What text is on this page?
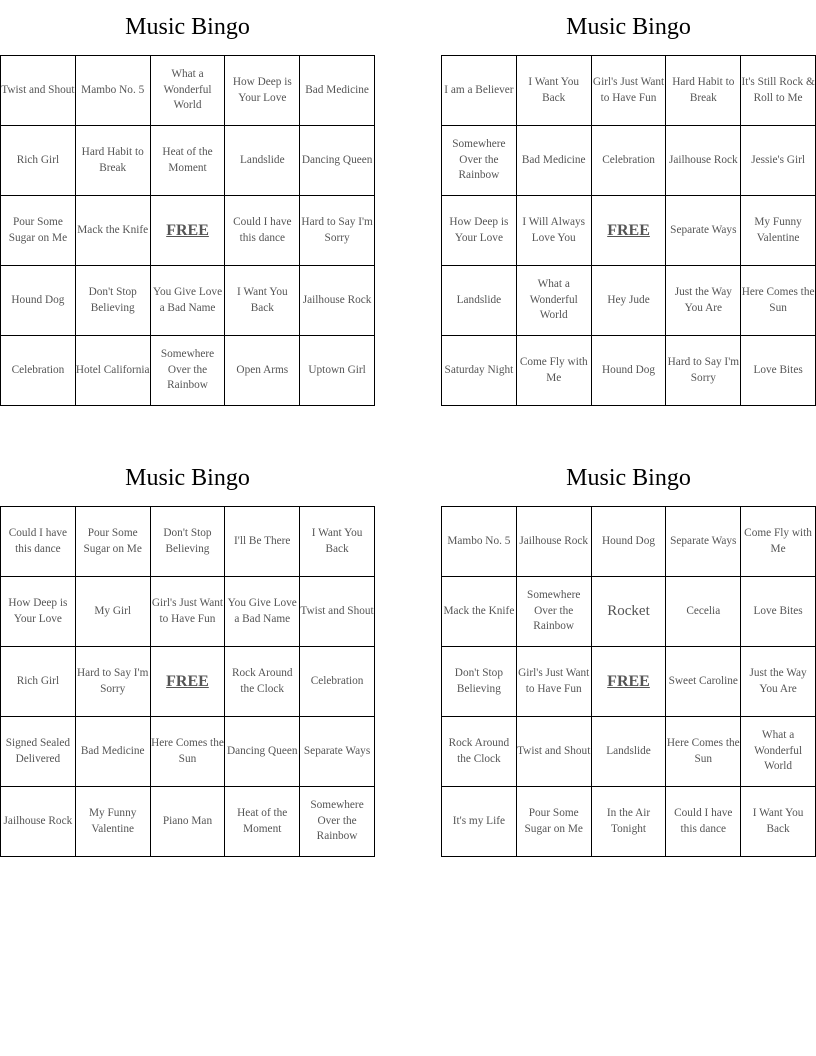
Music Bingo
Twist and Shout	Mambo No. 5	What a Wonderful World	How Deep is Your Love	Bad Medicine
Rich Girl	Hard Habit to Break	Heat of the Moment	Landslide	Dancing Queen
Pour Some Sugar on Me	Mack the Knife	FREE	Could I have this dance	Hard to Say I'm Sorry
Hound Dog	Don't Stop Believing	You Give Love a Bad Name	I Want You Back	Jailhouse Rock
Celebration	Hotel California	Somewhere Over the Rainbow	Open Arms	Uptown Girl
Music Bingo
I am a Believer	I Want You Back	Girl's Just Want to Have Fun	Hard Habit to Break	It's Still Rock & Roll to Me
Somewhere Over the Rainbow	Bad Medicine	Celebration	Jailhouse Rock	Jessie's Girl
How Deep is Your Love	I Will Always Love You	FREE	Separate Ways	My Funny Valentine
Landslide	What a Wonderful World	Hey Jude	Just the Way You Are	Here Comes the Sun
Saturday Night	Come Fly with Me	Hound Dog	Hard to Say I'm Sorry	Love Bites
Music Bingo
Could I have this dance	Pour Some Sugar on Me	Don't Stop Believing	I'll Be There	I Want You Back
How Deep is Your Love	My Girl	Girl's Just Want to Have Fun	You Give Love a Bad Name	Twist and Shout
Rich Girl	Hard to Say I'm Sorry	FREE	Rock Around the Clock	Celebration
Signed Sealed Delivered	Bad Medicine	Here Comes the Sun	Dancing Queen	Separate Ways
Jailhouse Rock	My Funny Valentine	Piano Man	Heat of the Moment	Somewhere Over the Rainbow
Music Bingo
Mambo No. 5	Jailhouse Rock	Hound Dog	Separate Ways	Come Fly with Me
Mack the Knife	Somewhere Over the Rainbow	Rocket	Cecelia	Love Bites
Don't Stop Believing	Girl's Just Want to Have Fun	FREE	Sweet Caroline	Just the Way You Are
Rock Around the Clock	Twist and Shout	Landslide	Here Comes the Sun	What a Wonderful World
It's my Life	Pour Some Sugar on Me	In the Air Tonight	Could I have this dance	I Want You Back
